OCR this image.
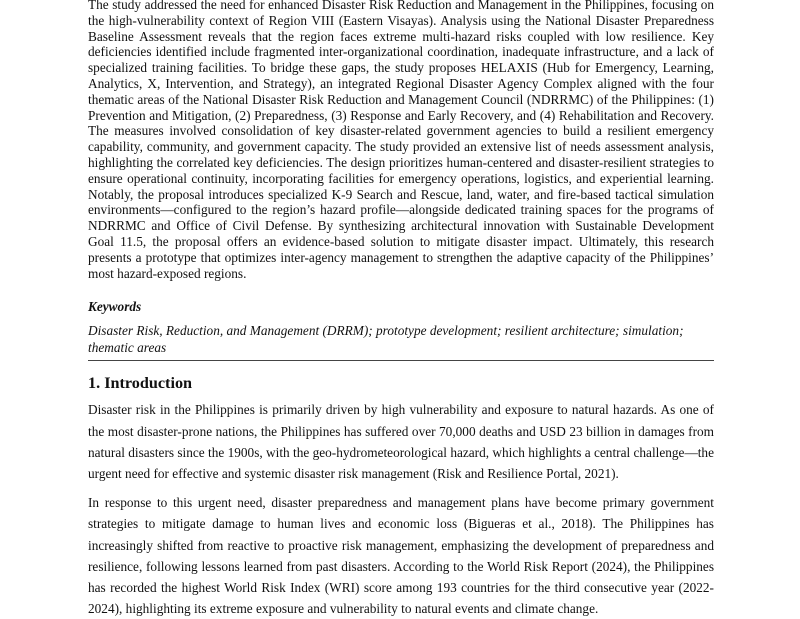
The study addressed the need for enhanced Disaster Risk Reduction and Management in the Philippines, focusing on the high-vulnerability context of Region VIII (Eastern Visayas). Analysis using the National Disaster Preparedness Baseline Assessment reveals that the region faces extreme multi-hazard risks coupled with low resilience. Key deficiencies identified include fragmented inter-organizational coordination, inadequate infrastructure, and a lack of specialized training facilities. To bridge these gaps, the study proposes HELAXIS (Hub for Emergency, Learning, Analytics, X, Intervention, and Strategy), an integrated Regional Disaster Agency Complex aligned with the four thematic areas of the National Disaster Risk Reduction and Management Council (NDRRMC) of the Philippines: (1) Prevention and Mitigation, (2) Preparedness, (3) Response and Early Recovery, and (4) Rehabilitation and Recovery. The measures involved consolidation of key disaster-related government agencies to build a resilient emergency capability, community, and government capacity. The study provided an extensive list of needs assessment analysis, highlighting the correlated key deficiencies. The design prioritizes human-centered and disaster-resilient strategies to ensure operational continuity, incorporating facilities for emergency operations, logistics, and experiential learning. Notably, the proposal introduces specialized K-9 Search and Rescue, land, water, and fire-based tactical simulation environments—configured to the region’s hazard profile—alongside dedicated training spaces for the programs of NDRRMC and Office of Civil Defense. By synthesizing architectural innovation with Sustainable Development Goal 11.5, the proposal offers an evidence-based solution to mitigate disaster impact. Ultimately, this research presents a prototype that optimizes inter-agency management to strengthen the adaptive capacity of the Philippines’ most hazard-exposed regions.

Keywords

Disaster Risk, Reduction, and Management (DRRM); prototype development; resilient architecture; simulation; thematic areas

1. Introduction

Disaster risk in the Philippines is primarily driven by high vulnerability and exposure to natural hazards. As one of the most disaster-prone nations, the Philippines has suffered over 70,000 deaths and USD 23 billion in damages from natural disasters since the 1900s, with the geo-hydrometeorological hazard, which highlights a central challenge—the urgent need for effective and systemic disaster risk management (Risk and Resilience Portal, 2021).

In response to this urgent need, disaster preparedness and management plans have become primary government strategies to mitigate damage to human lives and economic loss (Bigueras et al., 2018). The Philippines has increasingly shifted from reactive to proactive risk management, emphasizing the development of preparedness and resilience, following lessons learned from past disasters. According to the World Risk Report (2024), the Philippines has recorded the highest World Risk Index (WRI) score among 193 countries for the third consecutive year (2022-2024), highlighting its extreme exposure and vulnerability to natural events and climate change.
